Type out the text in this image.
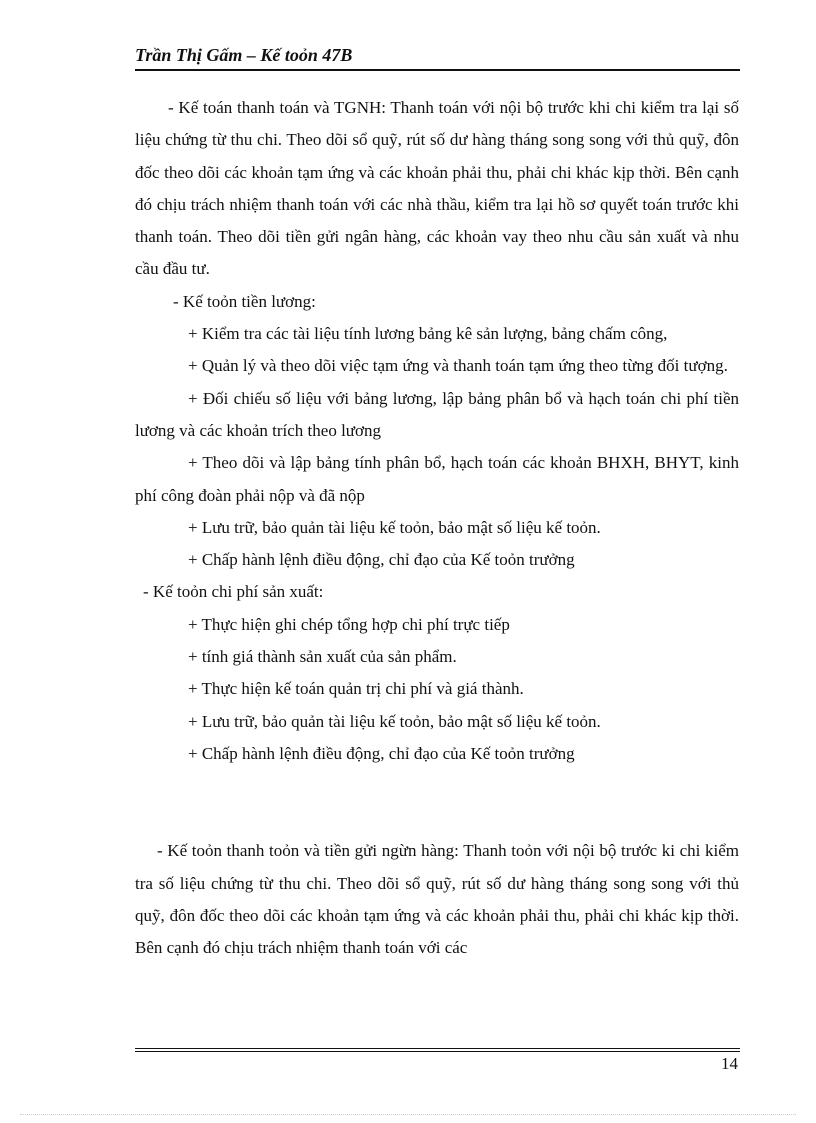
Trần Thị Gấm – Kế toỏn 47B

- Kế toán thanh toán và TGNH: Thanh toán với nội bộ trước khi chi kiểm tra lại số liệu chứng từ thu chi. Theo dõi sổ quỹ, rút số dư hàng tháng song song với thủ quỹ, đôn đốc theo dõi các khoản tạm ứng và các khoản phải thu, phải chi khác kịp thời. Bên cạnh đó chịu trách nhiệm thanh toán với các nhà thầu, kiểm tra lại hồ sơ quyết toán trước khi thanh toán. Theo dõi tiền gửi ngân hàng, các khoản vay theo nhu cầu sản xuất và nhu cầu đầu tư.

- Kế toỏn tiền lương:

+ Kiểm tra các tài liệu tính lương bảng kê sản lượng, bảng chấm công,

+ Quản lý và theo dõi việc tạm ứng và thanh toán tạm ứng theo từng đối tượng.

+ Đối chiếu số liệu với bảng lương, lập bảng phân bổ và hạch toán chi phí tiền lương và các khoản trích theo lương

+ Theo dõi và lập bảng tính phân bổ, hạch toán các khoản BHXH, BHYT, kinh phí công đoàn phải nộp và đã nộp

+ Lưu trữ, bảo quản tài liệu kế toỏn, bảo mật số liệu kế toỏn.

+ Chấp hành lệnh điều động, chỉ đạo của Kế toỏn trưởng

- Kế toỏn chi phí sản xuất:

+ Thực hiện ghi chép tổng hợp chi phí trực tiếp

+ tính giá thành sản xuất của sản phẩm.

+ Thực hiện kế toán quản trị chi phí và giá thành.

+ Lưu trữ, bảo quản tài liệu kế toỏn, bảo mật số liệu kế toỏn.

+ Chấp hành lệnh điều động, chỉ đạo của Kế toỏn trưởng

- Kế toỏn thanh toỏn và tiền gửi ngừn hàng: Thanh toỏn với nội bộ trước ki chi kiểm tra số liệu chứng từ thu chi. Theo dõi sổ quỹ, rút số dư hàng tháng song song với thủ quỹ, đôn đốc theo dõi các khoản tạm ứng và các khoản phải thu, phải chi khác kịp thời. Bên cạnh đó chịu trách nhiệm thanh toán với các

14
